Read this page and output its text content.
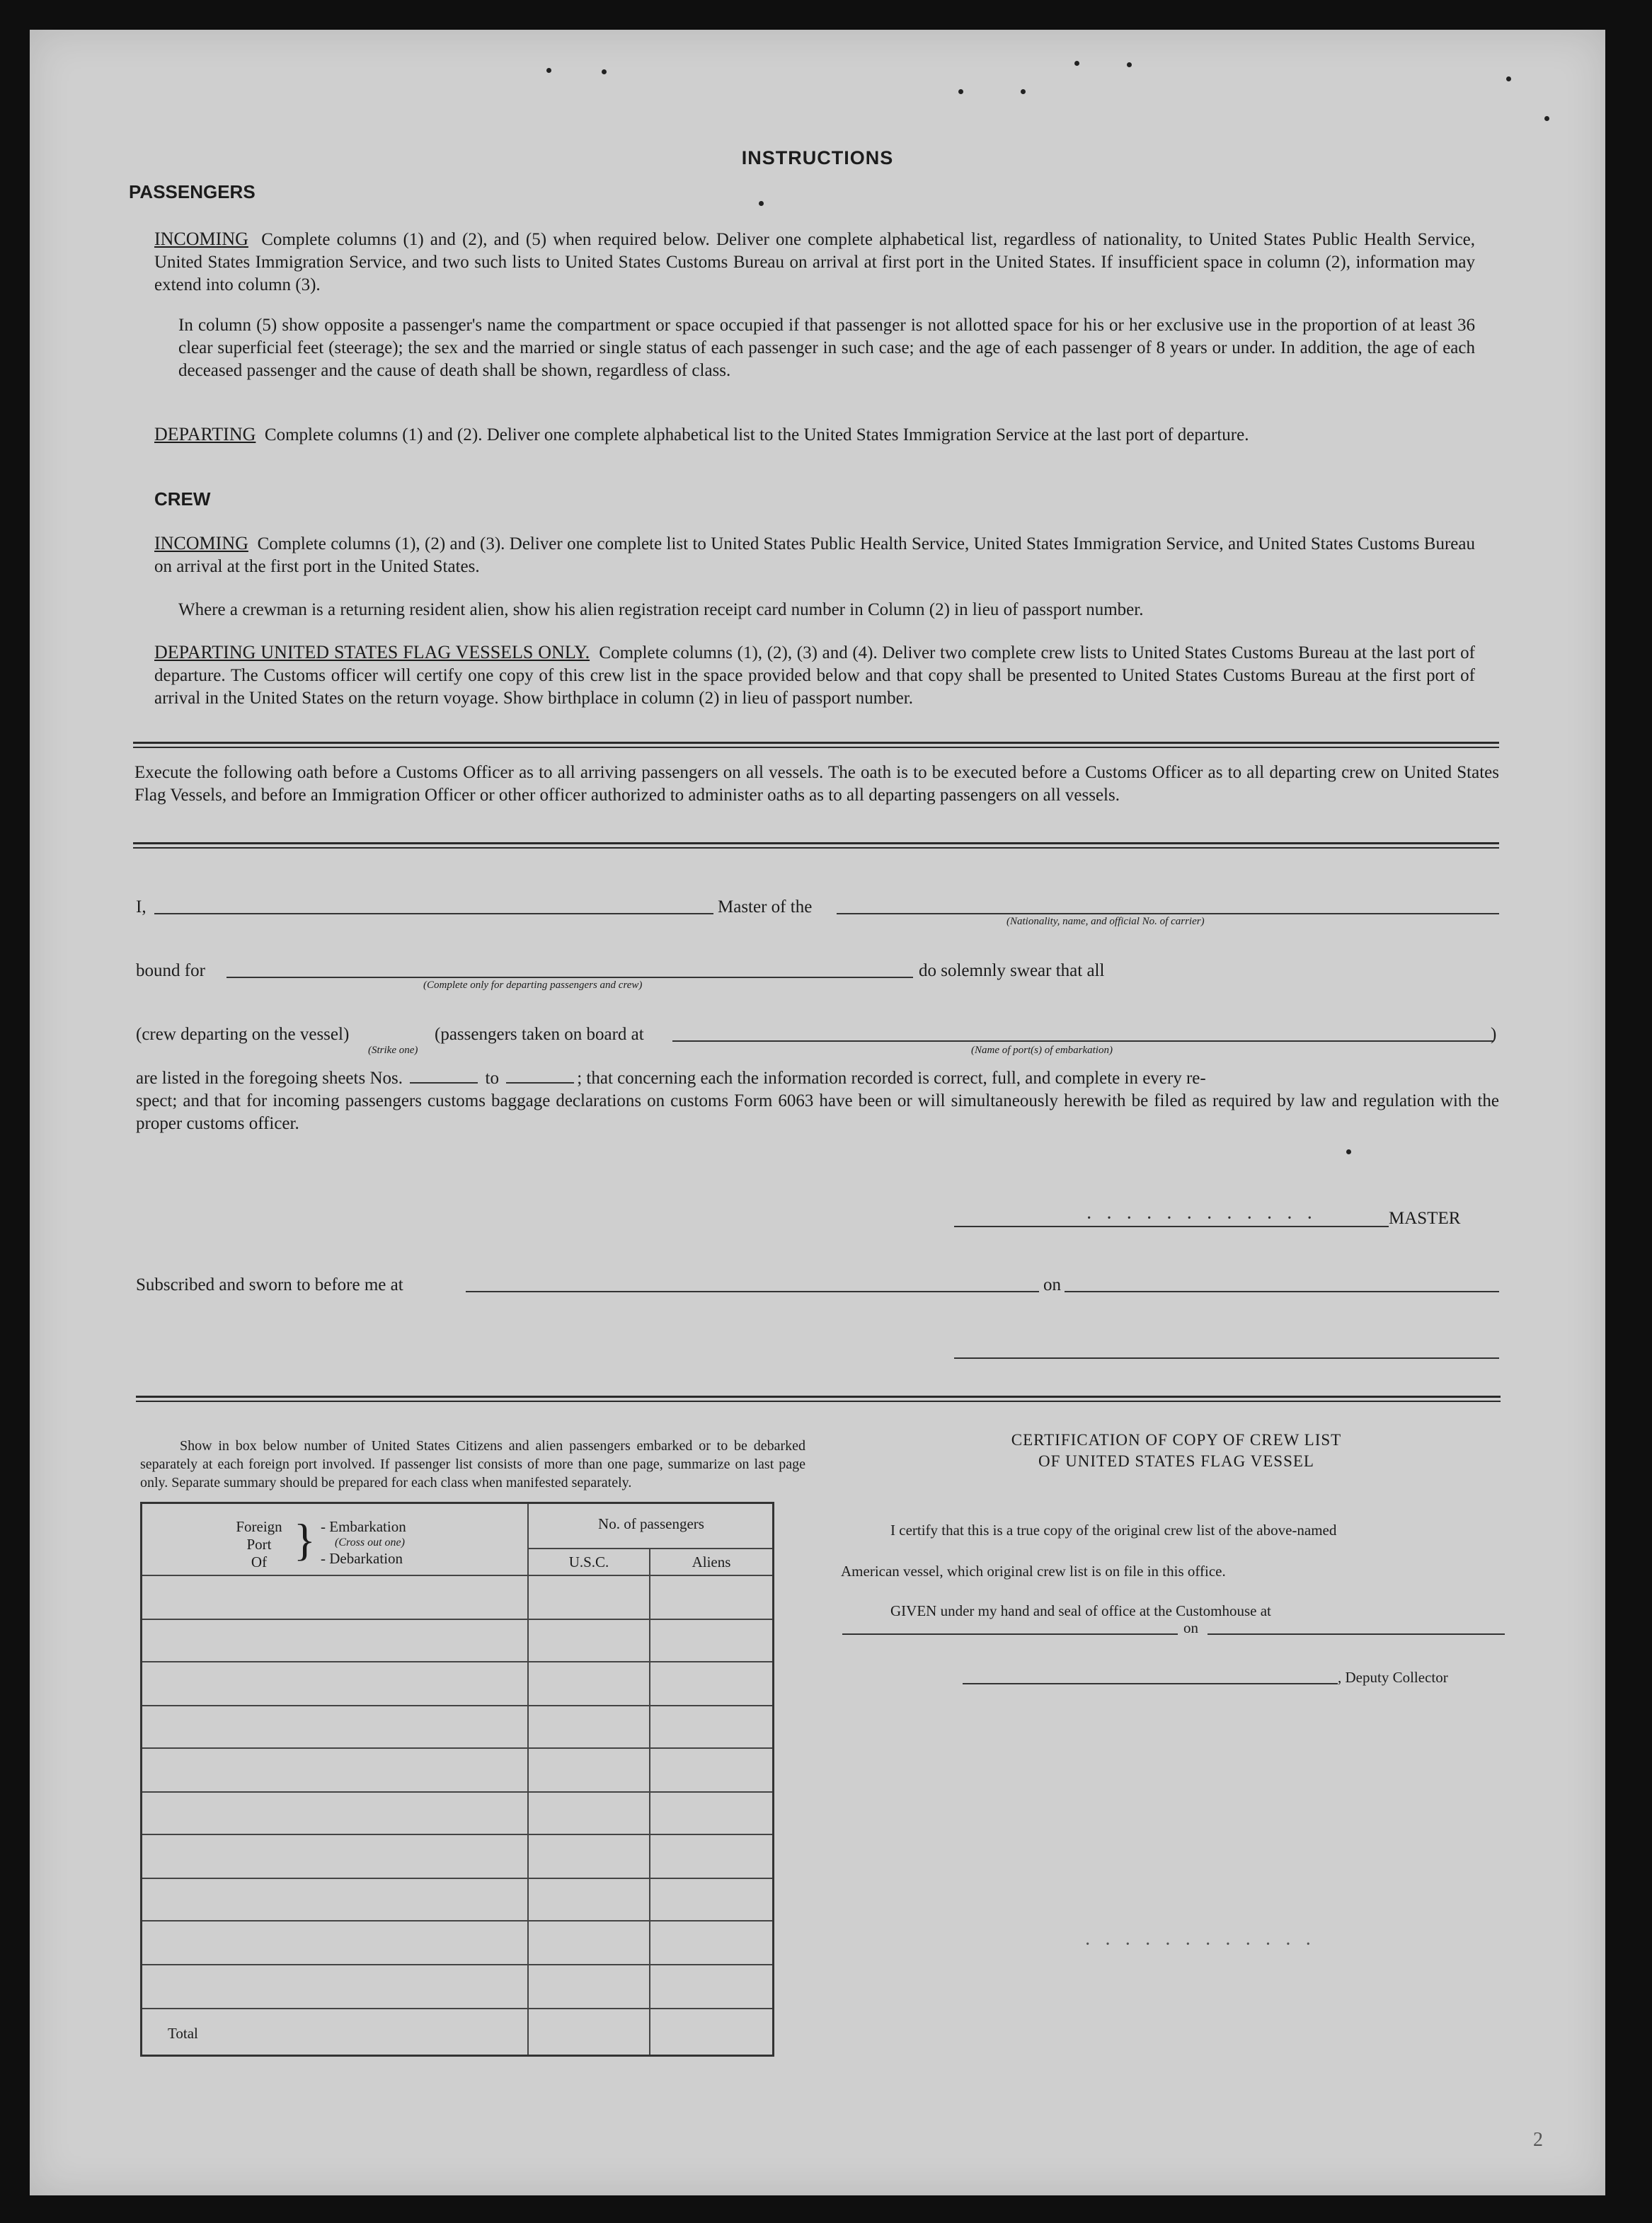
INSTRUCTIONS
PASSENGERS
INCOMING Complete columns (1) and (2), and (5) when required below. Deliver one complete alphabetical list, regardless of nationality, to United States Public Health Service, United States Immigration Service, and two such lists to United States Customs Bureau on arrival at first port in the United States. If insufficient space in column (2), information may extend into column (3).
In column (5) show opposite a passenger's name the compartment or space occupied if that passenger is not allotted space for his or her exclusive use in the proportion of at least 36 clear superficial feet (steerage); the sex and the married or single status of each passenger in such case; and the age of each passenger of 8 years or under. In addition, the age of each deceased passenger and the cause of death shall be shown, regardless of class.
DEPARTING Complete columns (1) and (2). Deliver one complete alphabetical list to the United States Immigration Service at the last port of departure.
CREW
INCOMING Complete columns (1), (2) and (3). Deliver one complete list to United States Public Health Service, United States Immigration Service, and United States Customs Bureau on arrival at the first port in the United States.
Where a crewman is a returning resident alien, show his alien registration receipt card number in Column (2) in lieu of passport number.
DEPARTING UNITED STATES FLAG VESSELS ONLY. Complete columns (1), (2), (3) and (4). Deliver two complete crew lists to United States Customs Bureau at the last port of departure. The Customs officer will certify one copy of this crew list in the space provided below and that copy shall be presented to United States Customs Bureau at the first port of arrival in the United States on the return voyage. Show birthplace in column (2) in lieu of passport number.
Execute the following oath before a Customs Officer as to all arriving passengers on all vessels. The oath is to be executed before a Customs Officer as to all departing crew on United States Flag Vessels, and before an Immigration Officer or other officer authorized to administer oaths as to all departing passengers on all vessels.
I,	Master of the
(Nationality, name, and official No. of carrier)
bound for
(Complete only for departing passengers and crew)
do solemnly swear that all
(crew departing on the vessel)
(Strike one)
(passengers taken on board at
(Name of port(s) of embarkation)
)
are listed in the foregoing sheets Nos.	to	; that concerning each the information recorded is correct, full, and complete in every re-
spect; and that for incoming passengers customs baggage declarations on customs Form 6063 have been or will simultaneously herewith be filed as required by law and regulation with the proper customs officer.
MASTER
Subscribed and sworn to before me at	on
Show in box below number of United States Citizens and alien passengers embarked or to be debarked separately at each foreign port involved. If passenger list consists of more than one page, summarize on last page only. Separate summary should be prepared for each class when manifested separately.
Foreign
Port
Of } - Embarkation
(Cross out one)
- Debarkation
No. of passengers
U.S.C.	Aliens
Total
CERTIFICATION OF COPY OF CREW LIST
OF UNITED STATES FLAG VESSEL
I certify that this is a true copy of the original crew list of the above-named
American vessel, which original crew list is on file in this office.
GIVEN under my hand and seal of office at the Customhouse at
on
, Deputy Collector
2
· · · · · · · · · · · ·
· · · · · · · · · · · ·
